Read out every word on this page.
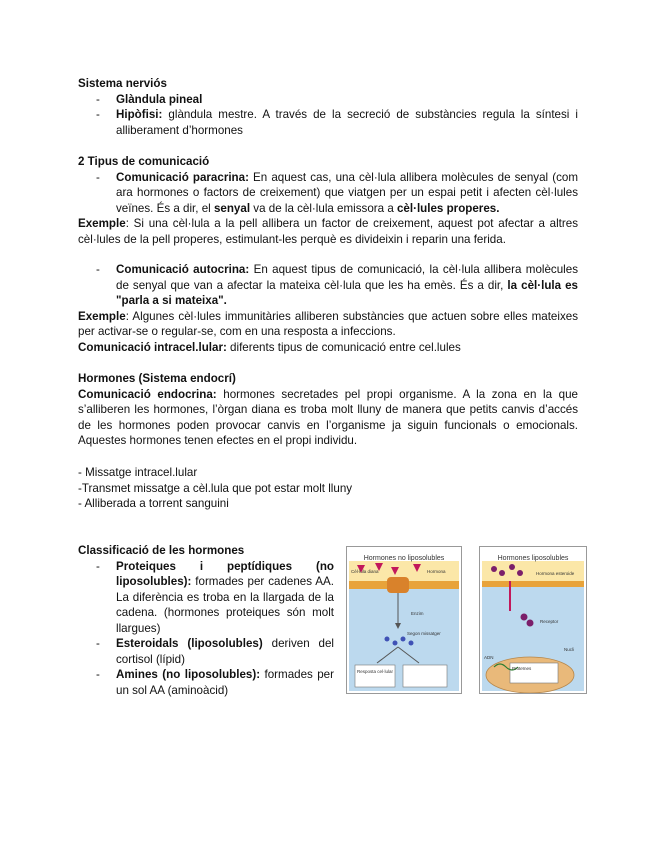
Sistema nerviós
- Glàndula pineal
- Hipòfisi: glàndula mestre. A través de la secreció de substàncies regula la síntesi i alliberament d’hormones
2 Tipus de comunicació
- Comunicació paracrina: En aquest cas, una cèl·lula allibera molècules de senyal (com ara hormones o factors de creixement) que viatgen per un espai petit i afecten cèl·lules veïnes. És a dir, el senyal va de la cèl·lula emissora a cèl·lules properes.
Exemple: Si una cèl·lula a la pell allibera un factor de creixement, aquest pot afectar a altres cèl·lules de la pell properes, estimulant-les perquè es divideixin i reparin una ferida.
- Comunicació autocrina: En aquest tipus de comunicació, la cèl·lula allibera molècules de senyal que van a afectar la mateixa cèl·lula que les ha emès. És a dir, la cèl·lula es "parla a si mateixa".
Exemple: Algunes cèl·lules immunitàries alliberen substàncies que actuen sobre elles mateixes per activar-se o regular-se, com en una resposta a infeccions.
Comunicació intracel.lular: diferents tipus de comunicació entre cel.lules
Hormones (Sistema endocrí)
Comunicació endocrina: hormones secretades pel propi organisme. A la zona en la que s’alliberen les hormones, l’òrgan diana es troba molt lluny de manera que petits canvis d’accés de les hormones poden provocar canvis en l’organisme ja siguin funcionals o emocionals. Aquestes hormones tenen efectes en el propi individu.
- Missatge intracel.lular
-Transmet missatge a cèl.lula que pot estar molt lluny
- Alliberada a torrent sanguini
Classificació de les hormones
- Proteiques i peptídiques (no liposolubles): formades per cadenes AA. La diferència es troba en la llargada de la cadena. (hormones proteiques són molt llargues)
- Esteroidals (liposolubles) deriven del cortisol (lípid)
- Amines (no liposolubles): formades per un sol AA (aminoàcid)
Hormones no liposolubles
Cèl·lula diana	Hormona
Enzim
Segon missatger
Resposta cel·lular
Hormones liposolubles
Hormona esteroide
Receptor
ADN
Proteïnes
Nucli
